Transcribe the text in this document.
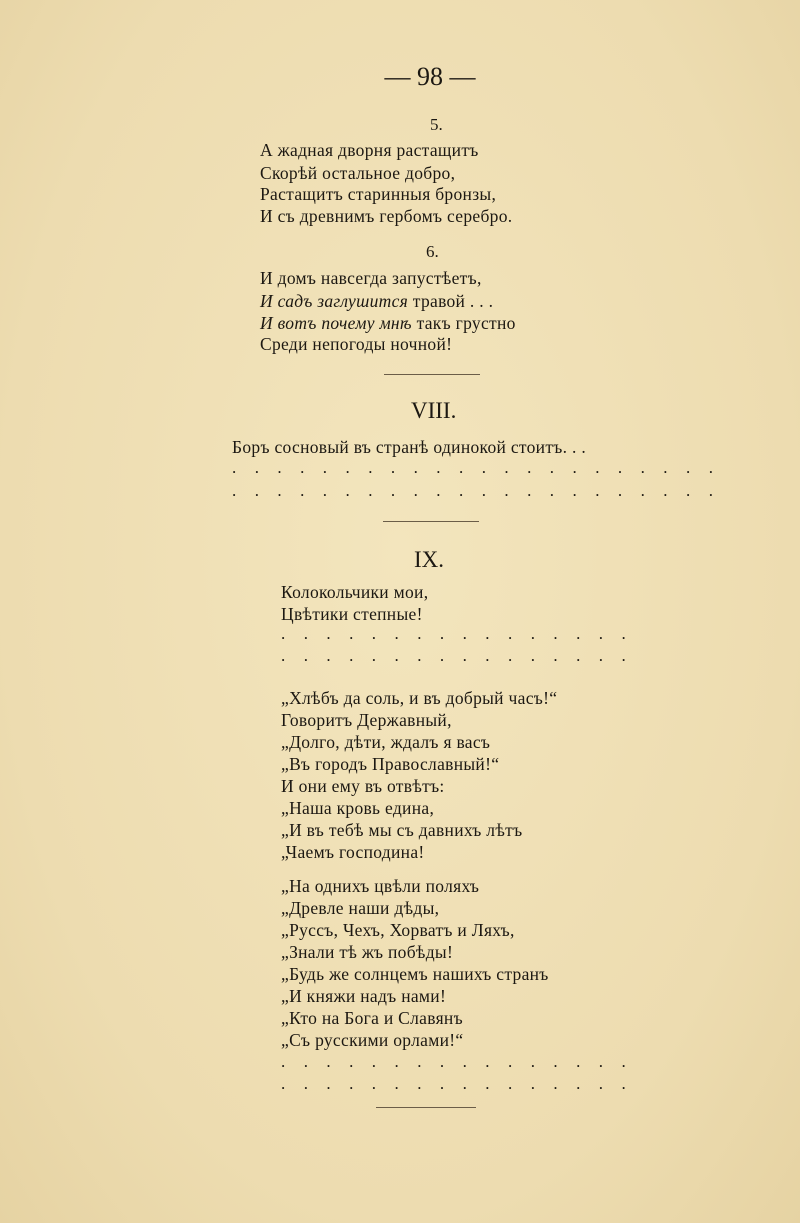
— 98 —
5.
А жадная дворня растащитъ
Скорѣй остальное добро,
Растащитъ старинныя бронзы,
И съ древнимъ гербомъ серебро.
6.
И домъ навсегда запустѣетъ,
И садъ заглушится травой . . .
И вотъ почему мнѣ такъ грустно
Среди непогоды ночной!
VIII.
Боръ сосновый въ странѣ одинокой стоитъ. . .
. . . . . . . . . . . . . . . . . . . . . .
. . . . . . . . . . . . . . . . . . . . . .
IX.
Колокольчики мои,
Цвѣтики степные!
. . . . . . . . . . . . . . . .
. . . . . . . . . . . . . . . .
„Хлѣбъ да соль, и въ добрый часъ!“
Говоритъ Державный,
„Долго, дѣти, ждалъ я васъ
„Въ городъ Православный!“
И они ему въ отвѣтъ:
„Наша кровь едина,
„И въ тебѣ мы съ давнихъ лѣтъ
„Чаемъ господина!
„На однихъ цвѣли поляхъ
„Древле наши дѣды,
„Руссъ, Чехъ, Хорватъ и Ляхъ,
„Знали тѣ жъ побѣды!
„Будь же солнцемъ нашихъ странъ
„И княжи надъ нами!
„Кто на Бога и Славянъ
„Съ русскими орлами!“
. . . . . . . . . . . . . . . .
. . . . . . . . . . . . . . . .
